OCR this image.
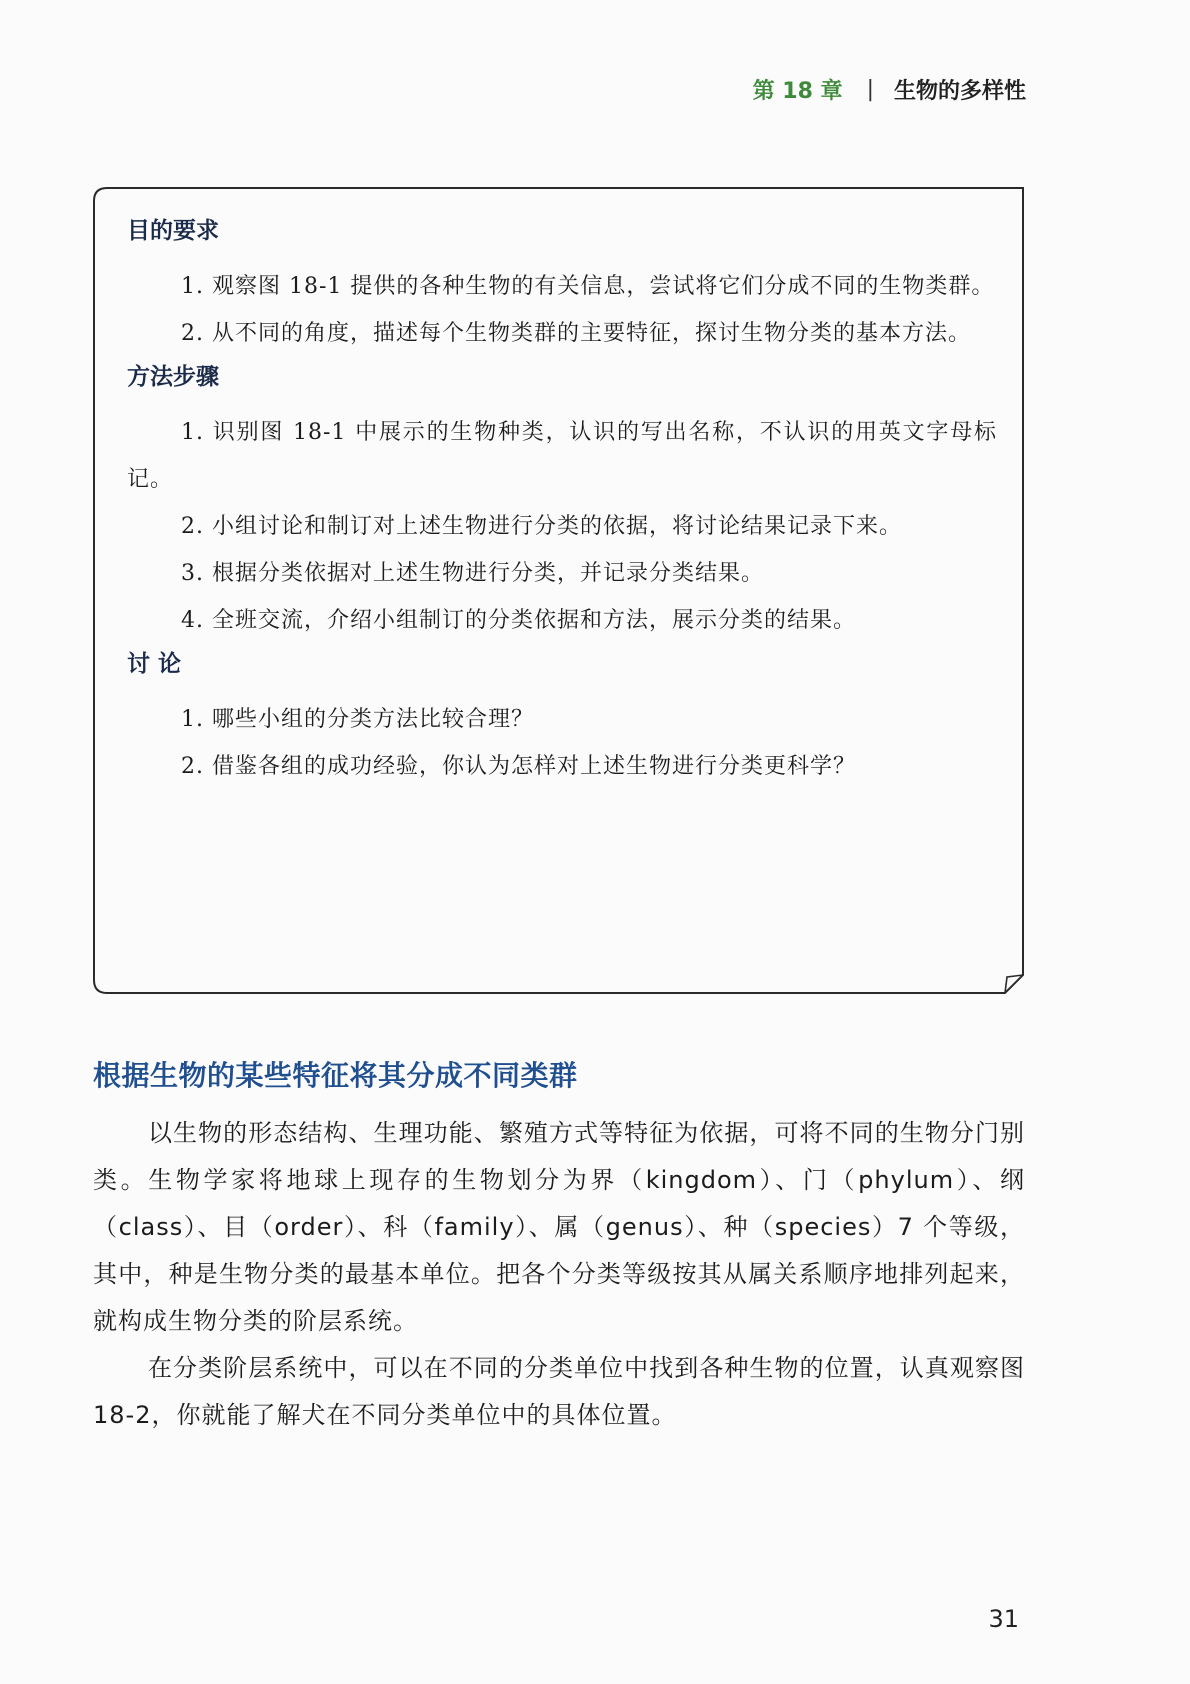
第 18 章 | 生物的多样性
目的要求

1. 观察图 18-1 提供的各种生物的有关信息，尝试将它们分成不同的生物类群。

2. 从不同的角度，描述每个生物类群的主要特征，探讨生物分类的基本方法。

方法步骤

1. 识别图 18-1 中展示的生物种类，认识的写出名称，不认识的用英文字母标记。

2. 小组讨论和制订对上述生物进行分类的依据，将讨论结果记录下来。

3. 根据分类依据对上述生物进行分类，并记录分类结果。

4. 全班交流，介绍小组制订的分类依据和方法，展示分类的结果。

讨 论

1. 哪些小组的分类方法比较合理？

2. 借鉴各组的成功经验，你认为怎样对上述生物进行分类更科学？

根据生物的某些特征将其分成不同类群

以生物的形态结构、生理功能、繁殖方式等特征为依据，可将不同的生物分门别类。生物学家将地球上现存的生物划分为界（kingdom）、门（phylum）、纲（class）、目（order）、科（family）、属（genus）、种（species）7 个等级，其中，种是生物分类的最基本单位。把各个分类等级按其从属关系顺序地排列起来，就构成生物分类的阶层系统。

在分类阶层系统中，可以在不同的分类单位中找到各种生物的位置，认真观察图 18-2，你就能了解犬在不同分类单位中的具体位置。

31
